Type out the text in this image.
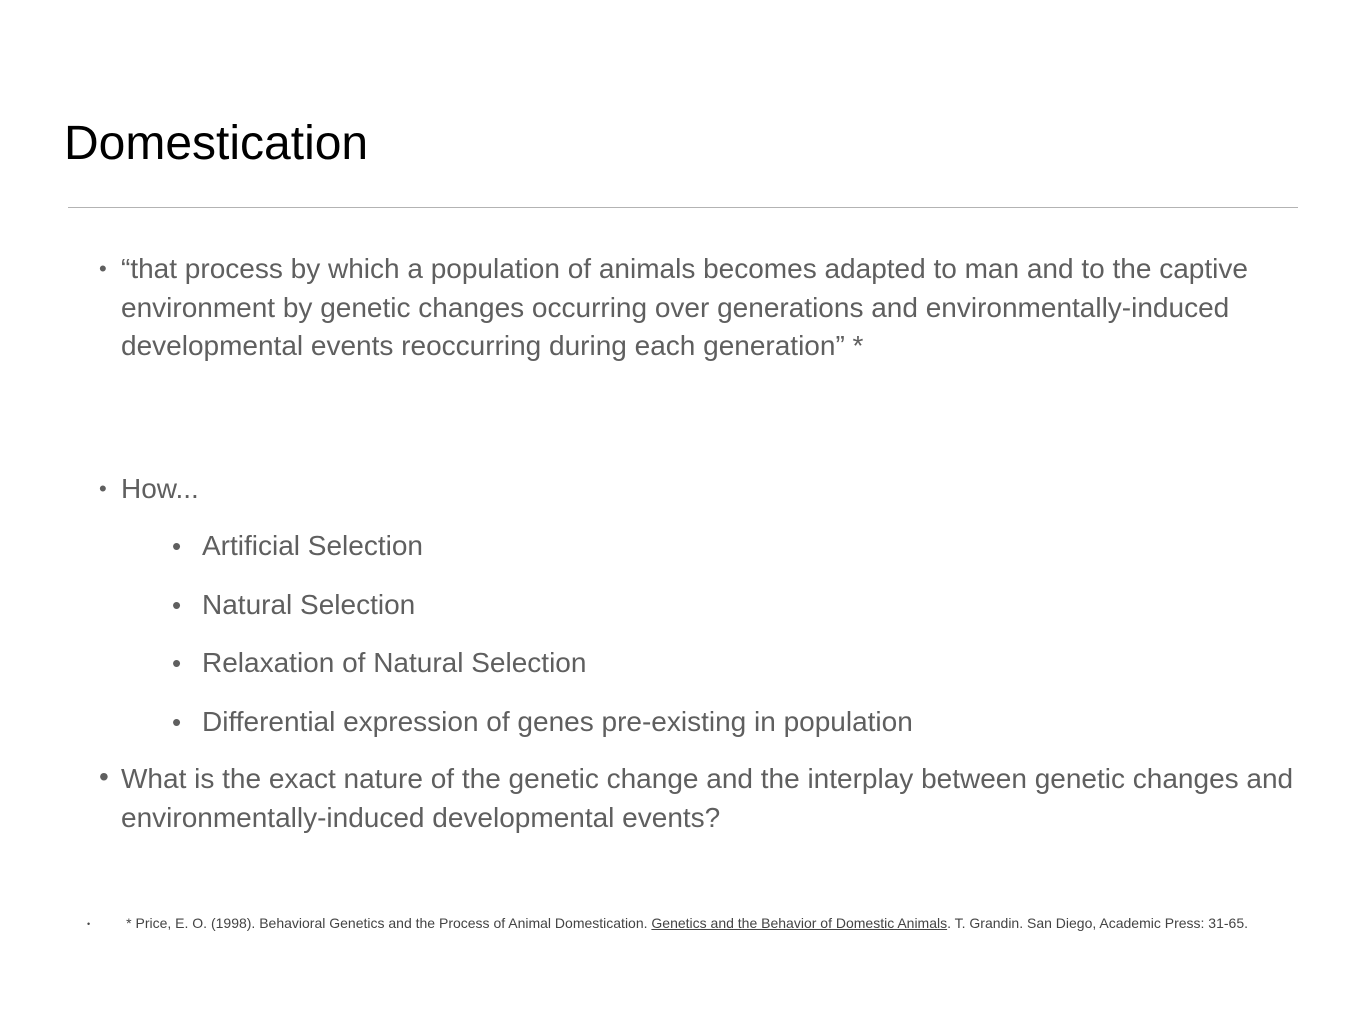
Domestication
• “that process by which a population of animals becomes adapted to man and to the captive environment by genetic changes occurring over generations and environmentally-induced developmental events reoccurring during each generation” *
• How...
• Artificial Selection
• Natural Selection
• Relaxation of Natural Selection
• Differential expression of genes pre-existing in population
• What is the exact nature of the genetic change and the interplay between genetic changes and environmentally-induced developmental events?
•	* Price, E. O. (1998). Behavioral Genetics and the Process of Animal Domestication. Genetics and the Behavior of Domestic Animals. T. Grandin. San Diego, Academic Press: 31-65.
